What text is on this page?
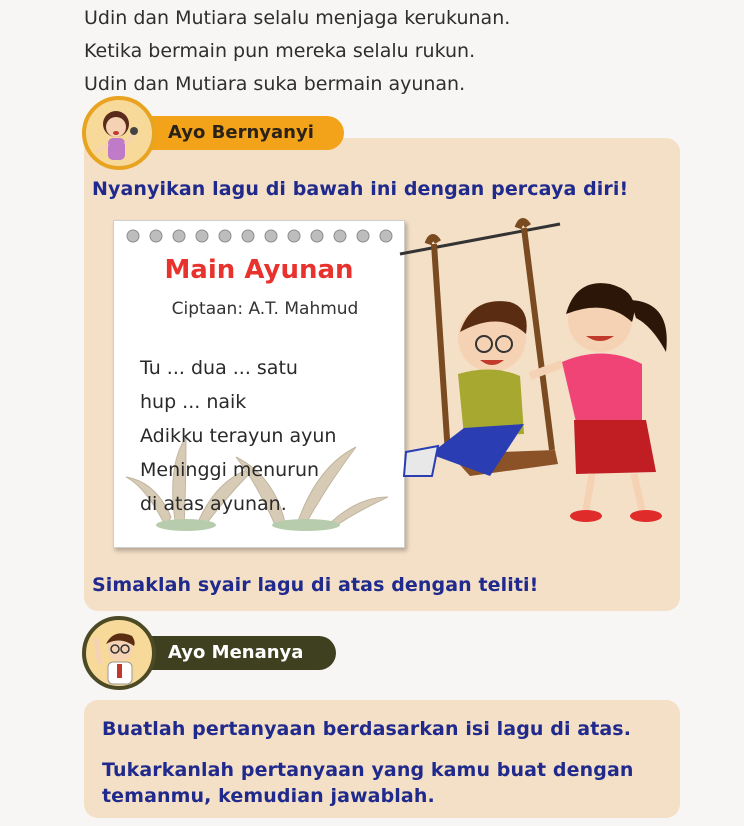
Udin dan Mutiara selalu menjaga kerukunan.
Ketika bermain pun mereka selalu rukun.
Udin dan Mutiara suka bermain ayunan.
Nyanyikan lagu di bawah ini dengan percaya diri!
Simaklah syair lagu di atas dengan teliti!
Ayo Bernyanyi
Main Ayunan
Ciptaan: A.T. Mahmud
Tu ... dua ... satu
hup ... naik
Adikku terayun ayun
Meninggi menurun
di atas ayunan.
Ayo Menanya
Buatlah pertanyaan berdasarkan isi lagu di atas.
Tukarkanlah pertanyaan yang kamu buat dengan
temanmu, kemudian jawablah.
